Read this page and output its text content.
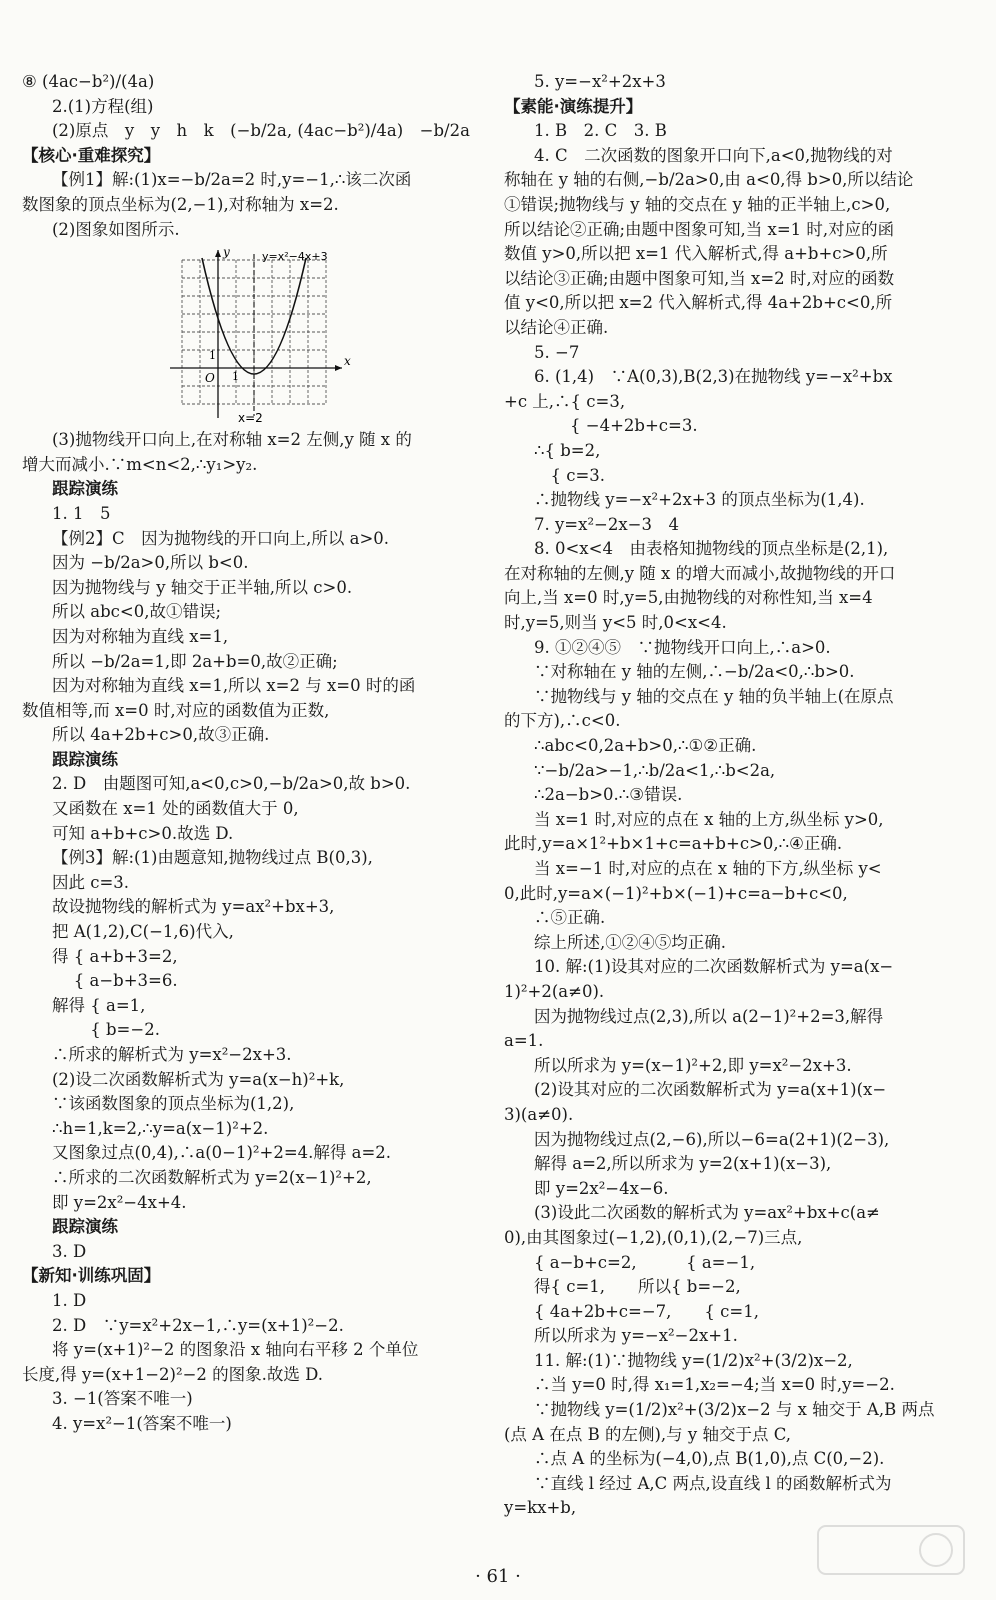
⑧ (4ac−b²)/(4a)
2.(1)方程(组)
(2)原点　y　y　h　k　(−b/2a, (4ac−b²)/4a)　−b/2a
【核心·重难探究】
【例1】解:(1)x=−b/2a=2 时,y=−1,∴该二次函
数图象的顶点坐标为(2,−1),对称轴为 x=2.
(2)图象如图所示.
y=x²−4x+3
y
x
O
1
1
x=2
(3)抛物线开口向上,在对称轴 x=2 左侧,y 随 x 的
增大而减小.∵m<n<2,∴y₁>y₂.
跟踪演练
1. 1　5
【例2】C　因为抛物线的开口向上,所以 a>0.
因为 −b/2a>0,所以 b<0.
因为抛物线与 y 轴交于正半轴,所以 c>0.
所以 abc<0,故①错误;
因为对称轴为直线 x=1,
所以 −b/2a=1,即 2a+b=0,故②正确;
因为对称轴为直线 x=1,所以 x=2 与 x=0 时的函
数值相等,而 x=0 时,对应的函数值为正数,
所以 4a+2b+c>0,故③正确.
跟踪演练
2. D　由题图可知,a<0,c>0,−b/2a>0,故 b>0.
又函数在 x=1 处的函数值大于 0,
可知 a+b+c>0.故选 D.
【例3】解:(1)由题意知,抛物线过点 B(0,3),
因此 c=3.
故设抛物线的解析式为 y=ax²+bx+3,
把 A(1,2),C(−1,6)代入,
得 { a+b+3=2,
　 { a−b+3=6.
解得 { a=1,
　　 { b=−2.
∴所求的解析式为 y=x²−2x+3.
(2)设二次函数解析式为 y=a(x−h)²+k,
∵该函数图象的顶点坐标为(1,2),
∴h=1,k=2,∴y=a(x−1)²+2.
又图象过点(0,4),∴a(0−1)²+2=4.解得 a=2.
∴所求的二次函数解析式为 y=2(x−1)²+2,
即 y=2x²−4x+4.
跟踪演练
3. D
【新知·训练巩固】
1. D
2. D　∵y=x²+2x−1,∴y=(x+1)²−2.
将 y=(x+1)²−2 的图象沿 x 轴向右平移 2 个单位
长度,得 y=(x+1−2)²−2 的图象.故选 D.
3. −1(答案不唯一)
4. y=x²−1(答案不唯一)
5. y=−x²+2x+3
【素能·演练提升】
1. B　2. C　3. B
4. C　二次函数的图象开口向下,a<0,抛物线的对
称轴在 y 轴的右侧,−b/2a>0,由 a<0,得 b>0,所以结论
①错误;抛物线与 y 轴的交点在 y 轴的正半轴上,c>0,
所以结论②正确;由题中图象可知,当 x=1 时,对应的函
数值 y>0,所以把 x=1 代入解析式,得 a+b+c>0,所
以结论③正确;由题中图象可知,当 x=2 时,对应的函数
值 y<0,所以把 x=2 代入解析式,得 4a+2b+c<0,所
以结论④正确.
5. −7
6. (1,4)　∵A(0,3),B(2,3)在抛物线 y=−x²+bx
+c 上,∴{ c=3,
　　　　{ −4+2b+c=3.
∴{ b=2,
　{ c=3.
∴抛物线 y=−x²+2x+3 的顶点坐标为(1,4).
7. y=x²−2x−3　4
8. 0<x<4　由表格知抛物线的顶点坐标是(2,1),
在对称轴的左侧,y 随 x 的增大而减小,故抛物线的开口
向上,当 x=0 时,y=5,由抛物线的对称性知,当 x=4
时,y=5,则当 y<5 时,0<x<4.
9. ①②④⑤　∵抛物线开口向上,∴a>0.
∵对称轴在 y 轴的左侧,∴−b/2a<0,∴b>0.
∵抛物线与 y 轴的交点在 y 轴的负半轴上(在原点
的下方),∴c<0.
∴abc<0,2a+b>0,∴①②正确.
∵−b/2a>−1,∴b/2a<1,∴b<2a,
∴2a−b>0.∴③错误.
当 x=1 时,对应的点在 x 轴的上方,纵坐标 y>0,
此时,y=a×1²+b×1+c=a+b+c>0,∴④正确.
当 x=−1 时,对应的点在 x 轴的下方,纵坐标 y<
0,此时,y=a×(−1)²+b×(−1)+c=a−b+c<0,
∴⑤正确.
综上所述,①②④⑤均正确.
10. 解:(1)设其对应的二次函数解析式为 y=a(x−
1)²+2(a≠0).
因为抛物线过点(2,3),所以 a(2−1)²+2=3,解得
a=1.
所以所求为 y=(x−1)²+2,即 y=x²−2x+3.
(2)设其对应的二次函数解析式为 y=a(x+1)(x−
3)(a≠0).
因为抛物线过点(2,−6),所以−6=a(2+1)(2−3),
解得 a=2,所以所求为 y=2(x+1)(x−3),
即 y=2x²−4x−6.
(3)设此二次函数的解析式为 y=ax²+bx+c(a≠
0),由其图象过(−1,2),(0,1),(2,−7)三点,
{ a−b+c=2,　　　{ a=−1,
得{ c=1,　　所以{ b=−2,
{ 4a+2b+c=−7,　　{ c=1,
所以所求为 y=−x²−2x+1.
11. 解:(1)∵抛物线 y=(1/2)x²+(3/2)x−2,
∴当 y=0 时,得 x₁=1,x₂=−4;当 x=0 时,y=−2.
∵抛物线 y=(1/2)x²+(3/2)x−2 与 x 轴交于 A,B 两点
(点 A 在点 B 的左侧),与 y 轴交于点 C,
∴点 A 的坐标为(−4,0),点 B(1,0),点 C(0,−2).
∵直线 l 经过 A,C 两点,设直线 l 的函数解析式为
y=kx+b,
· 61 ·
